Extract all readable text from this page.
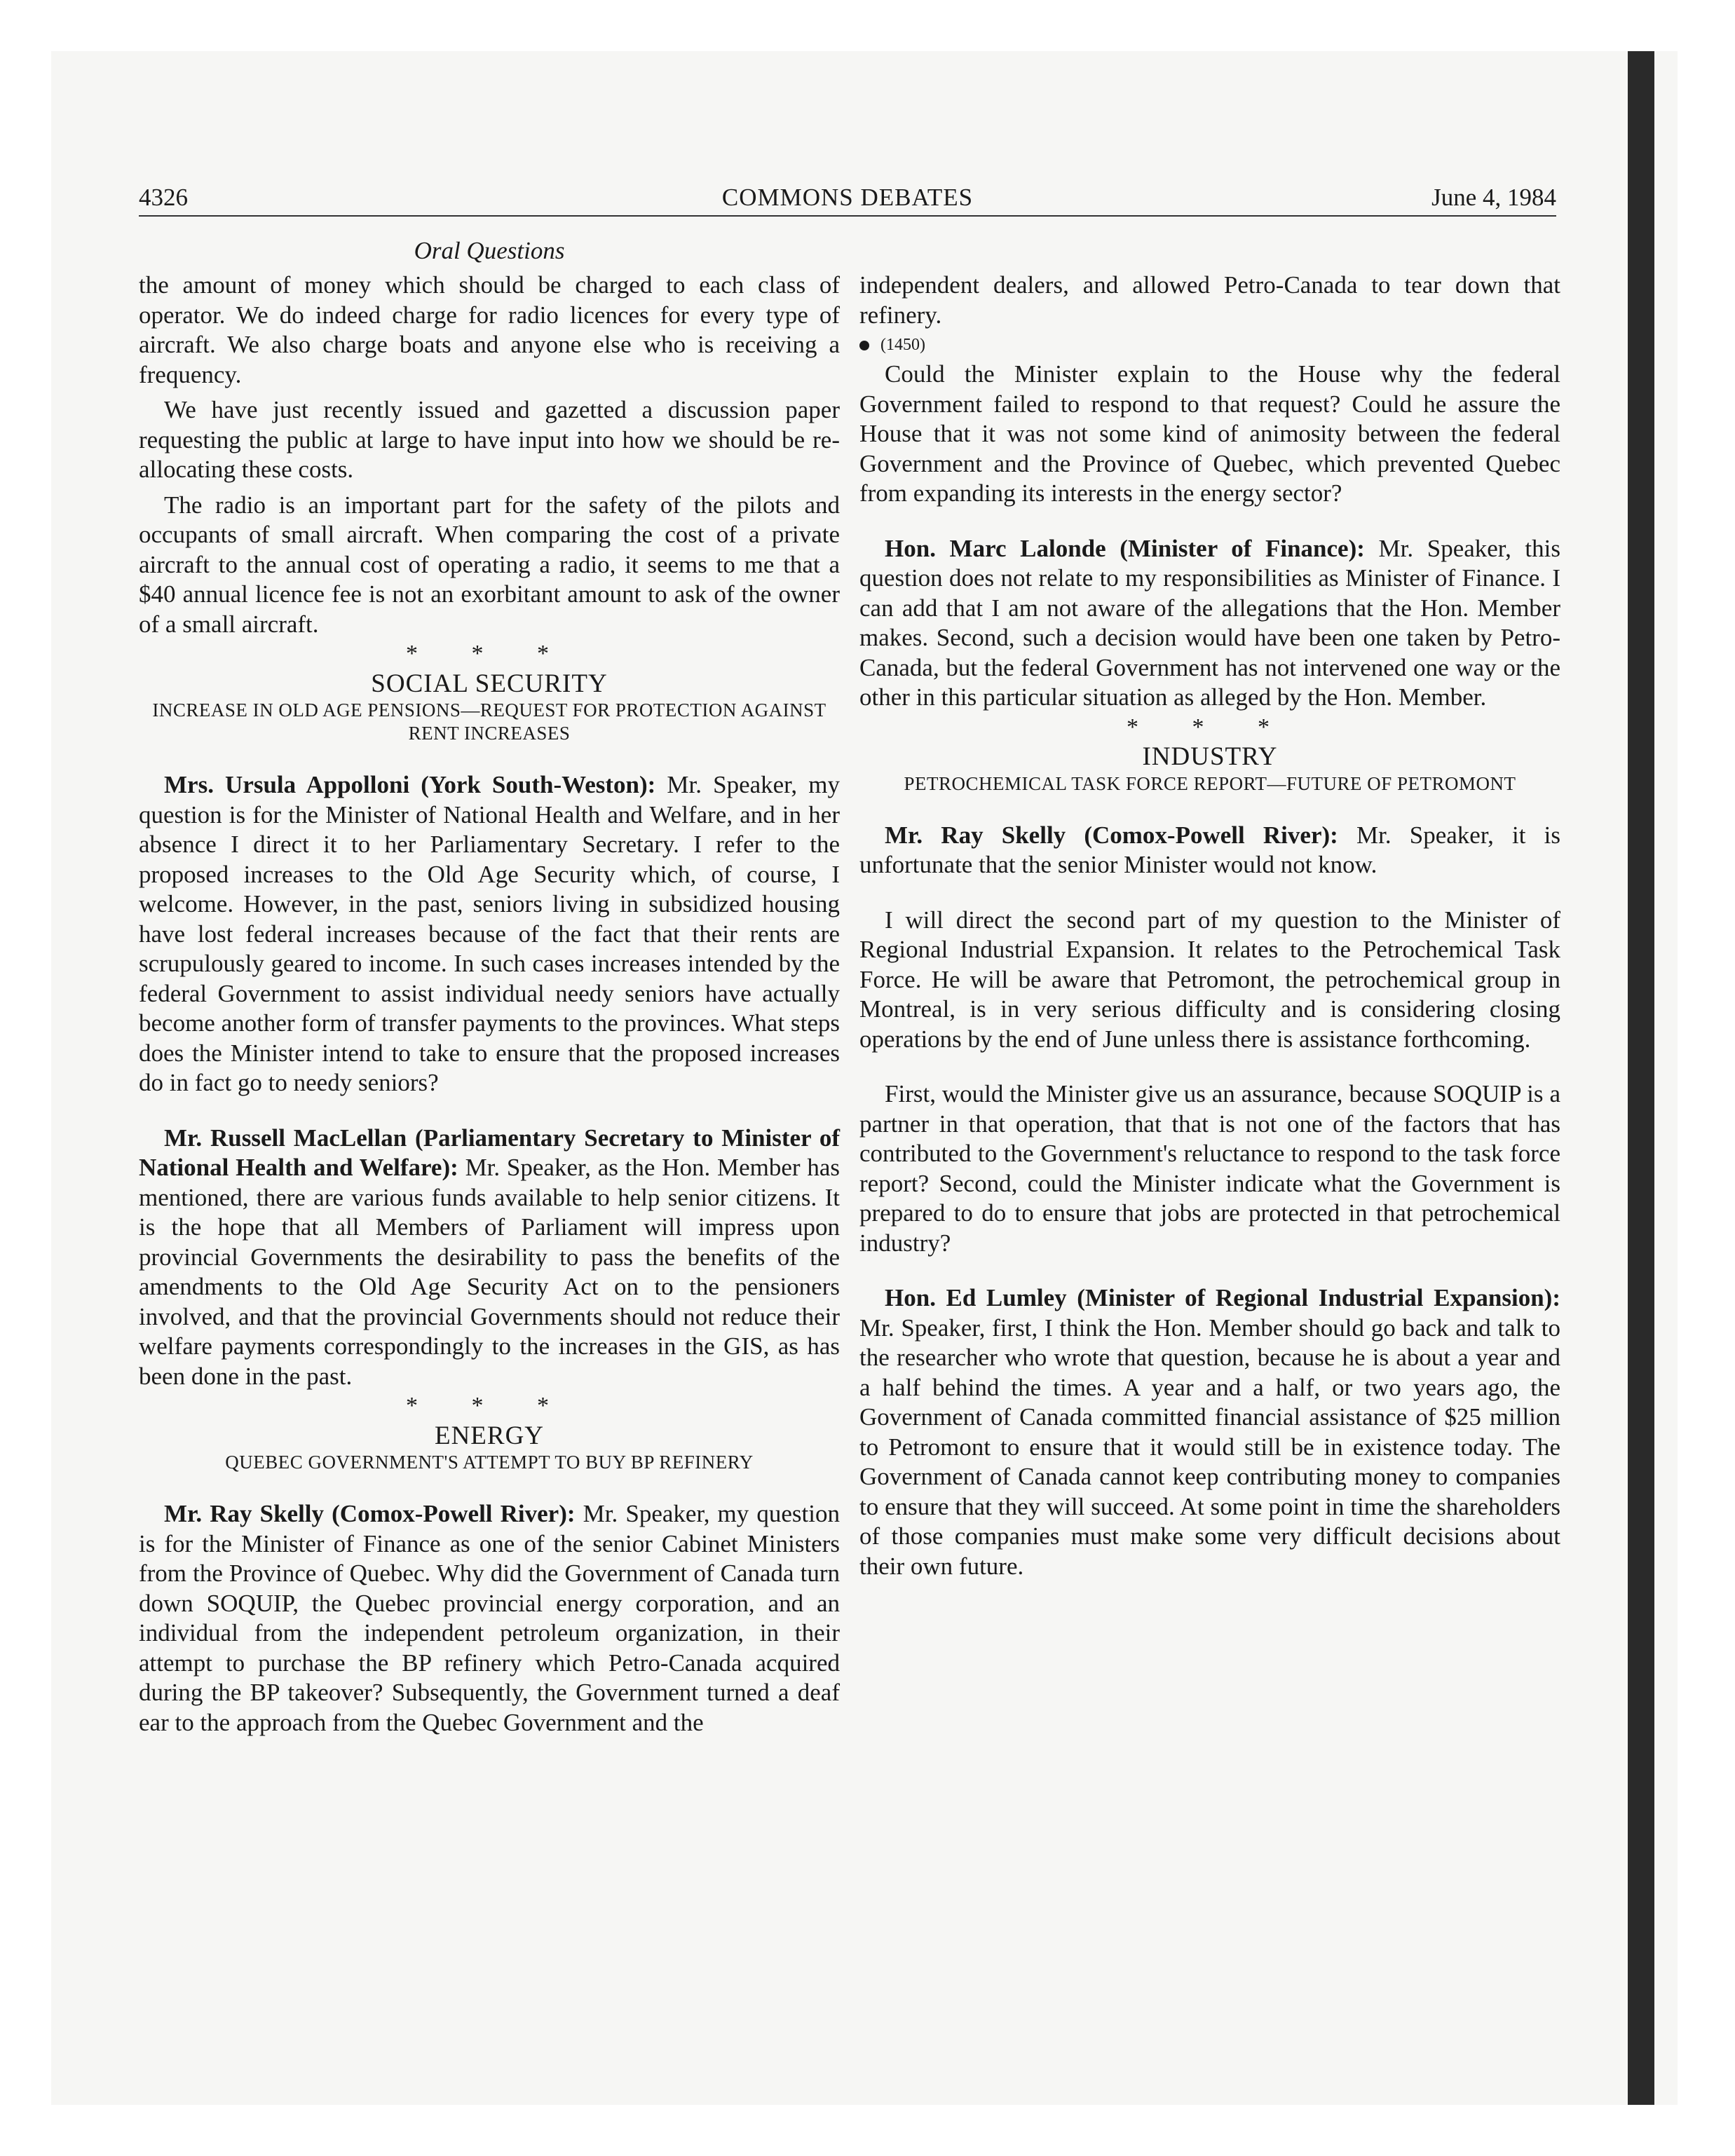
4326	COMMONS DEBATES	June 4, 1984
Oral Questions

the amount of money which should be charged to each class of operator. We do indeed charge for radio licences for every type of aircraft. We also charge boats and anyone else who is receiving a frequency.

We have just recently issued and gazetted a discussion paper requesting the public at large to have input into how we should be re-allocating these costs.

The radio is an important part for the safety of the pilots and occupants of small aircraft. When comparing the cost of a private aircraft to the annual cost of operating a radio, it seems to me that a $40 annual licence fee is not an exorbitant amount to ask of the owner of a small aircraft.

* * *

SOCIAL SECURITY

INCREASE IN OLD AGE PENSIONS—REQUEST FOR PROTECTION AGAINST RENT INCREASES

Mrs. Ursula Appolloni (York South-Weston): Mr. Speaker, my question is for the Minister of National Health and Welfare, and in her absence I direct it to her Parliamentary Secretary. I refer to the proposed increases to the Old Age Security which, of course, I welcome. However, in the past, seniors living in subsidized housing have lost federal increases because of the fact that their rents are scrupulously geared to income. In such cases increases intended by the federal Government to assist individual needy seniors have actually become another form of transfer payments to the provinces. What steps does the Minister intend to take to ensure that the proposed increases do in fact go to needy seniors?

Mr. Russell MacLellan (Parliamentary Secretary to Minister of National Health and Welfare): Mr. Speaker, as the Hon. Member has mentioned, there are various funds available to help senior citizens. It is the hope that all Members of Parliament will impress upon provincial Governments the desirability to pass the benefits of the amendments to the Old Age Security Act on to the pensioners involved, and that the provincial Governments should not reduce their welfare payments correspondingly to the increases in the GIS, as has been done in the past.

* * *

ENERGY

QUEBEC GOVERNMENT'S ATTEMPT TO BUY BP REFINERY

Mr. Ray Skelly (Comox-Powell River): Mr. Speaker, my question is for the Minister of Finance as one of the senior Cabinet Ministers from the Province of Quebec. Why did the Government of Canada turn down SOQUIP, the Quebec provincial energy corporation, and an individual from the independent petroleum organization, in their attempt to purchase the BP refinery which Petro-Canada acquired during the BP takeover? Subsequently, the Government turned a deaf ear to the approach from the Quebec Government and the

independent dealers, and allowed Petro-Canada to tear down that refinery.

(1450)

Could the Minister explain to the House why the federal Government failed to respond to that request? Could he assure the House that it was not some kind of animosity between the federal Government and the Province of Quebec, which prevented Quebec from expanding its interests in the energy sector?

Hon. Marc Lalonde (Minister of Finance): Mr. Speaker, this question does not relate to my responsibilities as Minister of Finance. I can add that I am not aware of the allegations that the Hon. Member makes. Second, such a decision would have been one taken by Petro-Canada, but the federal Government has not intervened one way or the other in this particular situation as alleged by the Hon. Member.

* * *

INDUSTRY

PETROCHEMICAL TASK FORCE REPORT—FUTURE OF PETROMONT

Mr. Ray Skelly (Comox-Powell River): Mr. Speaker, it is unfortunate that the senior Minister would not know.

I will direct the second part of my question to the Minister of Regional Industrial Expansion. It relates to the Petrochemical Task Force. He will be aware that Petromont, the petrochemical group in Montreal, is in very serious difficulty and is considering closing operations by the end of June unless there is assistance forthcoming.

First, would the Minister give us an assurance, because SOQUIP is a partner in that operation, that that is not one of the factors that has contributed to the Government's reluctance to respond to the task force report? Second, could the Minister indicate what the Government is prepared to do to ensure that jobs are protected in that petrochemical industry?

Hon. Ed Lumley (Minister of Regional Industrial Expansion): Mr. Speaker, first, I think the Hon. Member should go back and talk to the researcher who wrote that question, because he is about a year and a half behind the times. A year and a half, or two years ago, the Government of Canada committed financial assistance of $25 million to Petromont to ensure that it would still be in existence today. The Government of Canada cannot keep contributing money to companies to ensure that they will succeed. At some point in time the shareholders of those companies must make some very difficult decisions about their own future.
